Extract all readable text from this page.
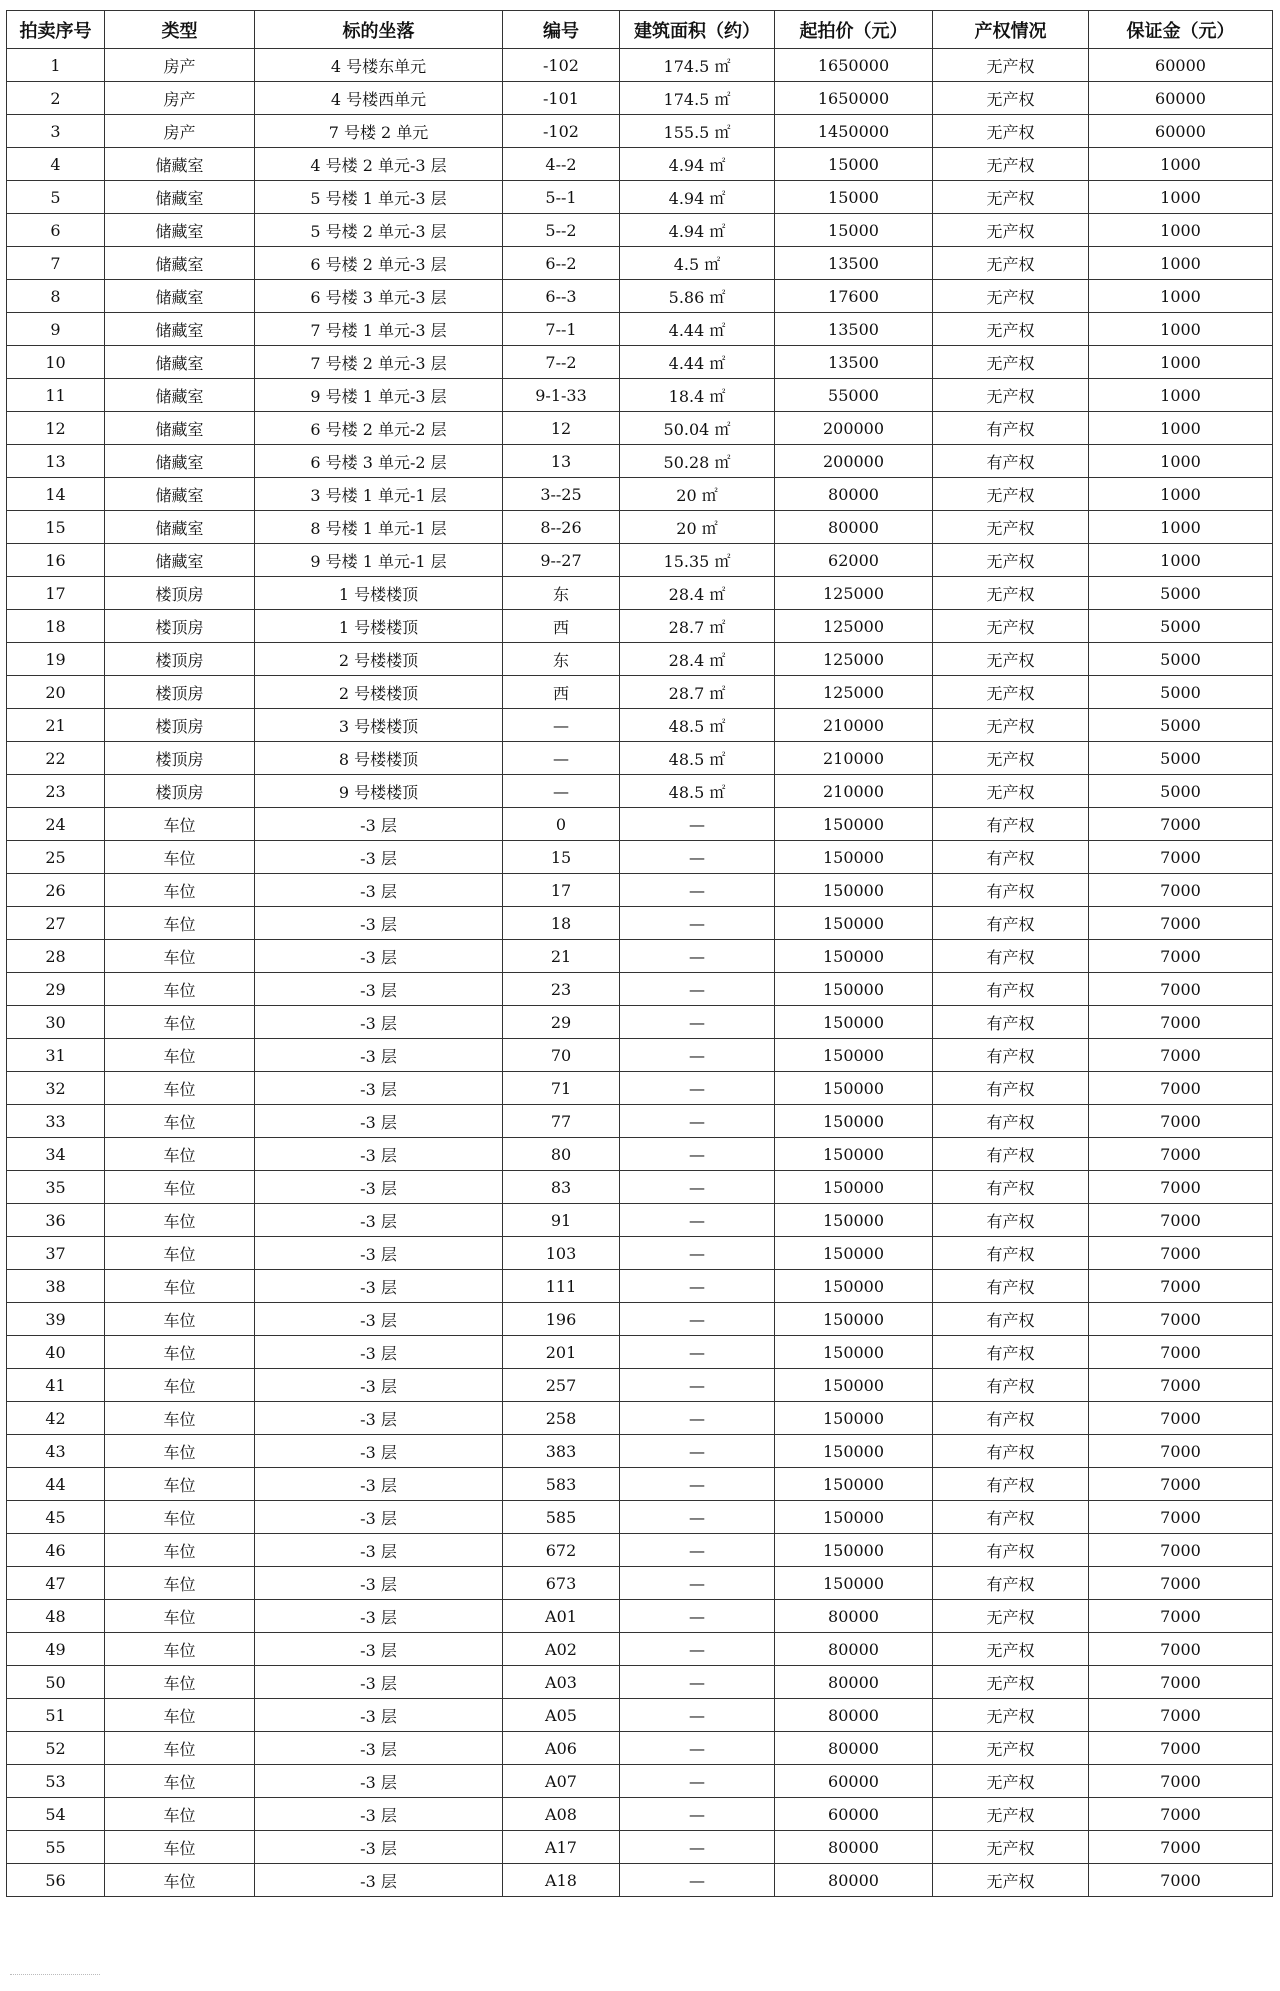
拍卖序号	类型	标的坐落	编号	建筑面积（约）	起拍价（元）	产权情况	保证金（元）
1	房产	4 号楼东单元	-102	174.5 ㎡	1650000	无产权	60000
2	房产	4 号楼西单元	-101	174.5 ㎡	1650000	无产权	60000
3	房产	7 号楼 2 单元	-102	155.5 ㎡	1450000	无产权	60000
4	储藏室	4 号楼 2 单元-3 层	4--2	4.94 ㎡	15000	无产权	1000
5	储藏室	5 号楼 1 单元-3 层	5--1	4.94 ㎡	15000	无产权	1000
6	储藏室	5 号楼 2 单元-3 层	5--2	4.94 ㎡	15000	无产权	1000
7	储藏室	6 号楼 2 单元-3 层	6--2	4.5 ㎡	13500	无产权	1000
8	储藏室	6 号楼 3 单元-3 层	6--3	5.86 ㎡	17600	无产权	1000
9	储藏室	7 号楼 1 单元-3 层	7--1	4.44 ㎡	13500	无产权	1000
10	储藏室	7 号楼 2 单元-3 层	7--2	4.44 ㎡	13500	无产权	1000
11	储藏室	9 号楼 1 单元-3 层	9-1-33	18.4 ㎡	55000	无产权	1000
12	储藏室	6 号楼 2 单元-2 层	12	50.04 ㎡	200000	有产权	1000
13	储藏室	6 号楼 3 单元-2 层	13	50.28 ㎡	200000	有产权	1000
14	储藏室	3 号楼 1 单元-1 层	3--25	20 ㎡	80000	无产权	1000
15	储藏室	8 号楼 1 单元-1 层	8--26	20 ㎡	80000	无产权	1000
16	储藏室	9 号楼 1 单元-1 层	9--27	15.35 ㎡	62000	无产权	1000
17	楼顶房	1 号楼楼顶	东	28.4 ㎡	125000	无产权	5000
18	楼顶房	1 号楼楼顶	西	28.7 ㎡	125000	无产权	5000
19	楼顶房	2 号楼楼顶	东	28.4 ㎡	125000	无产权	5000
20	楼顶房	2 号楼楼顶	西	28.7 ㎡	125000	无产权	5000
21	楼顶房	3 号楼楼顶	—	48.5 ㎡	210000	无产权	5000
22	楼顶房	8 号楼楼顶	—	48.5 ㎡	210000	无产权	5000
23	楼顶房	9 号楼楼顶	—	48.5 ㎡	210000	无产权	5000
24	车位	-3 层	0	—	150000	有产权	7000
25	车位	-3 层	15	—	150000	有产权	7000
26	车位	-3 层	17	—	150000	有产权	7000
27	车位	-3 层	18	—	150000	有产权	7000
28	车位	-3 层	21	—	150000	有产权	7000
29	车位	-3 层	23	—	150000	有产权	7000
30	车位	-3 层	29	—	150000	有产权	7000
31	车位	-3 层	70	—	150000	有产权	7000
32	车位	-3 层	71	—	150000	有产权	7000
33	车位	-3 层	77	—	150000	有产权	7000
34	车位	-3 层	80	—	150000	有产权	7000
35	车位	-3 层	83	—	150000	有产权	7000
36	车位	-3 层	91	—	150000	有产权	7000
37	车位	-3 层	103	—	150000	有产权	7000
38	车位	-3 层	111	—	150000	有产权	7000
39	车位	-3 层	196	—	150000	有产权	7000
40	车位	-3 层	201	—	150000	有产权	7000
41	车位	-3 层	257	—	150000	有产权	7000
42	车位	-3 层	258	—	150000	有产权	7000
43	车位	-3 层	383	—	150000	有产权	7000
44	车位	-3 层	583	—	150000	有产权	7000
45	车位	-3 层	585	—	150000	有产权	7000
46	车位	-3 层	672	—	150000	有产权	7000
47	车位	-3 层	673	—	150000	有产权	7000
48	车位	-3 层	A01	—	80000	无产权	7000
49	车位	-3 层	A02	—	80000	无产权	7000
50	车位	-3 层	A03	—	80000	无产权	7000
51	车位	-3 层	A05	—	80000	无产权	7000
52	车位	-3 层	A06	—	80000	无产权	7000
53	车位	-3 层	A07	—	60000	无产权	7000
54	车位	-3 层	A08	—	60000	无产权	7000
55	车位	-3 层	A17	—	80000	无产权	7000
56	车位	-3 层	A18	—	80000	无产权	7000
